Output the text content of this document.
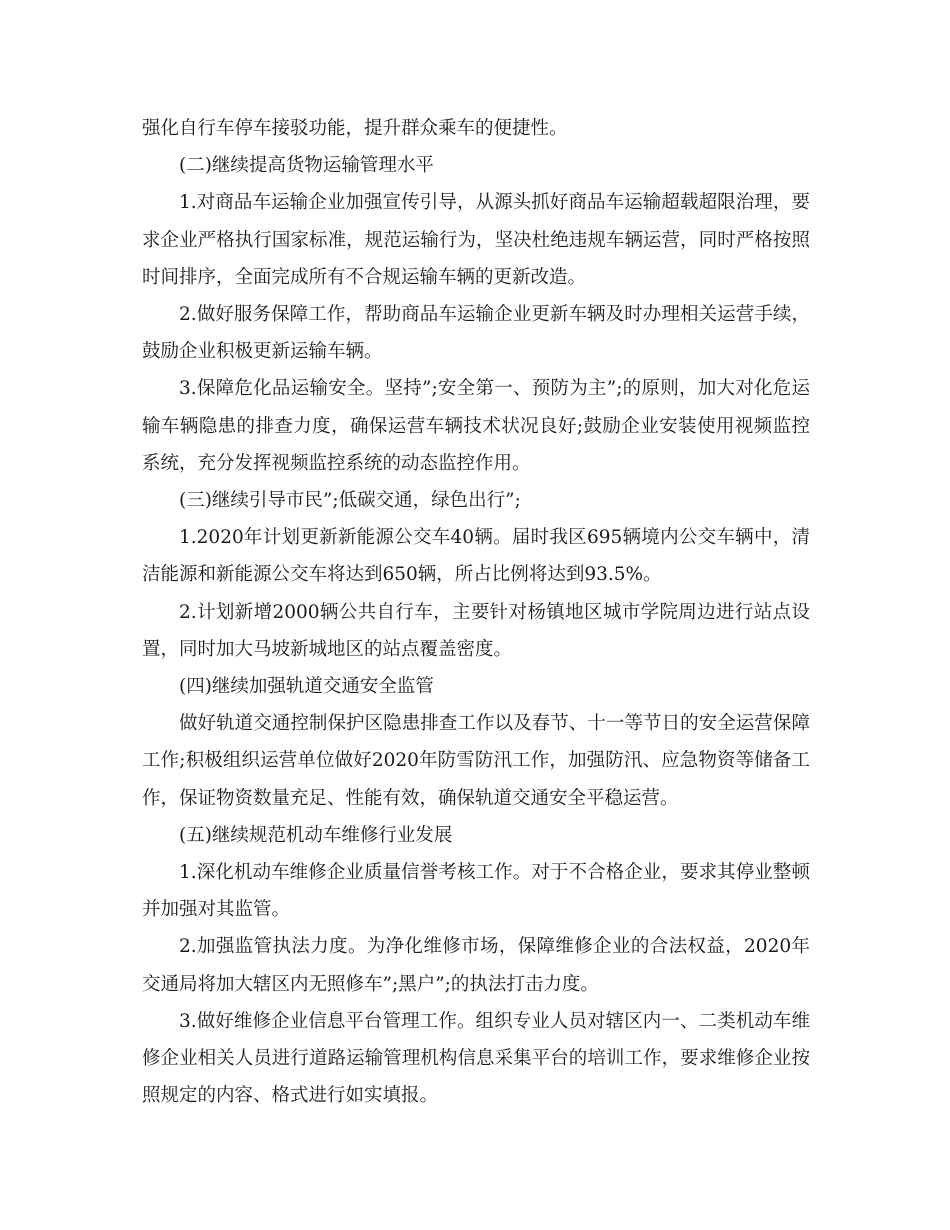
强化自行车停车接驳功能，提升群众乘车的便捷性。

(二)继续提高货物运输管理水平

1.对商品车运输企业加强宣传引导，从源头抓好商品车运输超载超限治理，要求企业严格执行国家标准，规范运输行为，坚决杜绝违规车辆运营，同时严格按照时间排序，全面完成所有不合规运输车辆的更新改造。

2.做好服务保障工作，帮助商品车运输企业更新车辆及时办理相关运营手续，鼓励企业积极更新运输车辆。

3.保障危化品运输安全。坚持”;安全第一、预防为主”;的原则，加大对化危运输车辆隐患的排查力度，确保运营车辆技术状况良好;鼓励企业安装使用视频监控系统，充分发挥视频监控系统的动态监控作用。

(三)继续引导市民”;低碳交通，绿色出行”;

1.2020年计划更新新能源公交车40辆。届时我区695辆境内公交车辆中，清洁能源和新能源公交车将达到650辆，所占比例将达到93.5%。

2.计划新增2000辆公共自行车，主要针对杨镇地区城市学院周边进行站点设置，同时加大马坡新城地区的站点覆盖密度。

(四)继续加强轨道交通安全监管

做好轨道交通控制保护区隐患排查工作以及春节、十一等节日的安全运营保障工作;积极组织运营单位做好2020年防雪防汛工作，加强防汛、应急物资等储备工作，保证物资数量充足、性能有效，确保轨道交通安全平稳运营。

(五)继续规范机动车维修行业发展

1.深化机动车维修企业质量信誉考核工作。对于不合格企业，要求其停业整顿并加强对其监管。

2.加强监管执法力度。为净化维修市场，保障维修企业的合法权益，2020年交通局将加大辖区内无照修车”;黑户”;的执法打击力度。

3.做好维修企业信息平台管理工作。组织专业人员对辖区内一、二类机动车维修企业相关人员进行道路运输管理机构信息采集平台的培训工作，要求维修企业按照规定的内容、格式进行如实填报。
